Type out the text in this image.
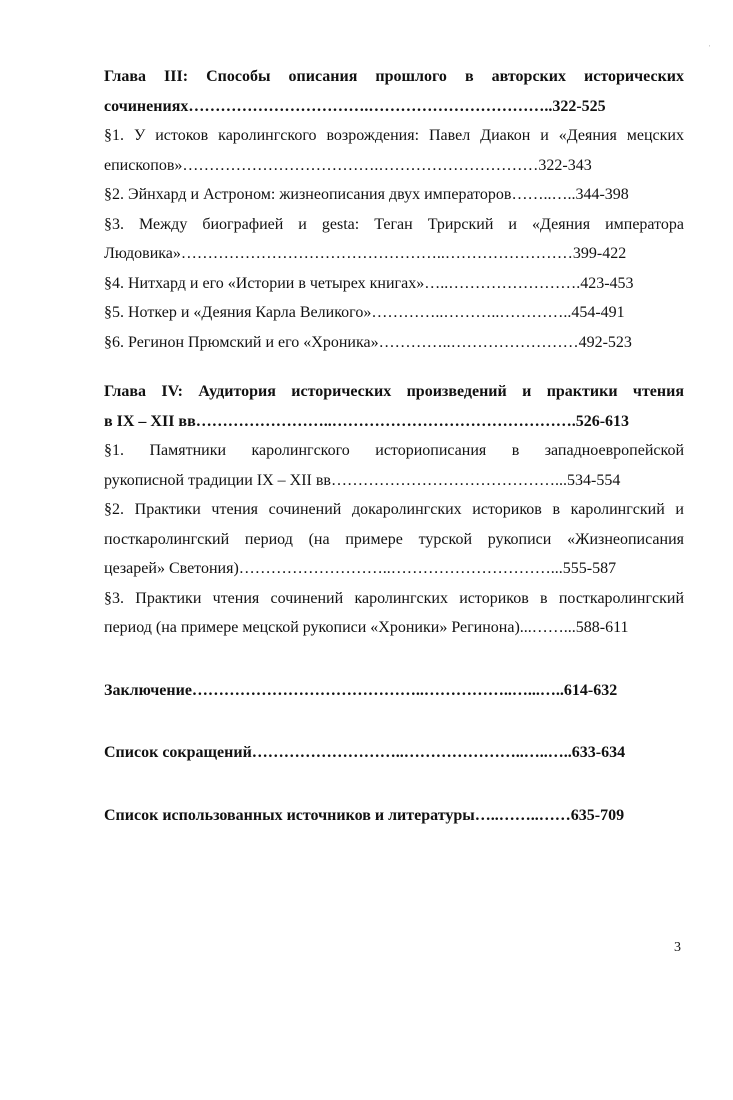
ˈ
Глава III: Способы описания прошлого в авторских исторических
сочинениях…………………………….……………………………..322-525
§1. У истоков каролингского возрождения: Павел Диакон и «Деяния мецских
епископов»……………………………….…………………………322-343
§2. Эйнхард и Астроном: жизнеописания двух императоров……..…..344-398
§3. Между биографией и gesta: Теган Трирский и «Деяния императора
Людовика»…………………………………………..……………………399-422
§4. Нитхард и его «Истории в четырех книгах»…..…………………….423-453
§5. Ноткер и «Деяния Карла Великого»…………..………..…………..454-491
§6. Регинон Прюмский и его «Хроника»…………..……………………492-523
Глава IV: Аудитория исторических произведений и практики чтения
в IX – XII вв……………………..……………………………………….526-613
§1. Памятники каролингского историописания в западноевропейской
рукописной традиции IX – XII вв……………………………………...534-554
§2. Практики чтения сочинений докаролингских историков в каролингский и
посткаролингский период (на примере турской рукописи «Жизнеописания
цезарей» Светония)………………………..…………………………...555-587
§3. Практики чтения сочинений каролингских историков в посткаролингский
период (на примере мецской рукописи «Хроники» Регинона)...……...588-611
Заключение……………………………………..……………..…...…..614-632
Список сокращений………………………..…………………..…..…..633-634
Список использованных источников и литературы…..……..……635-709
3
